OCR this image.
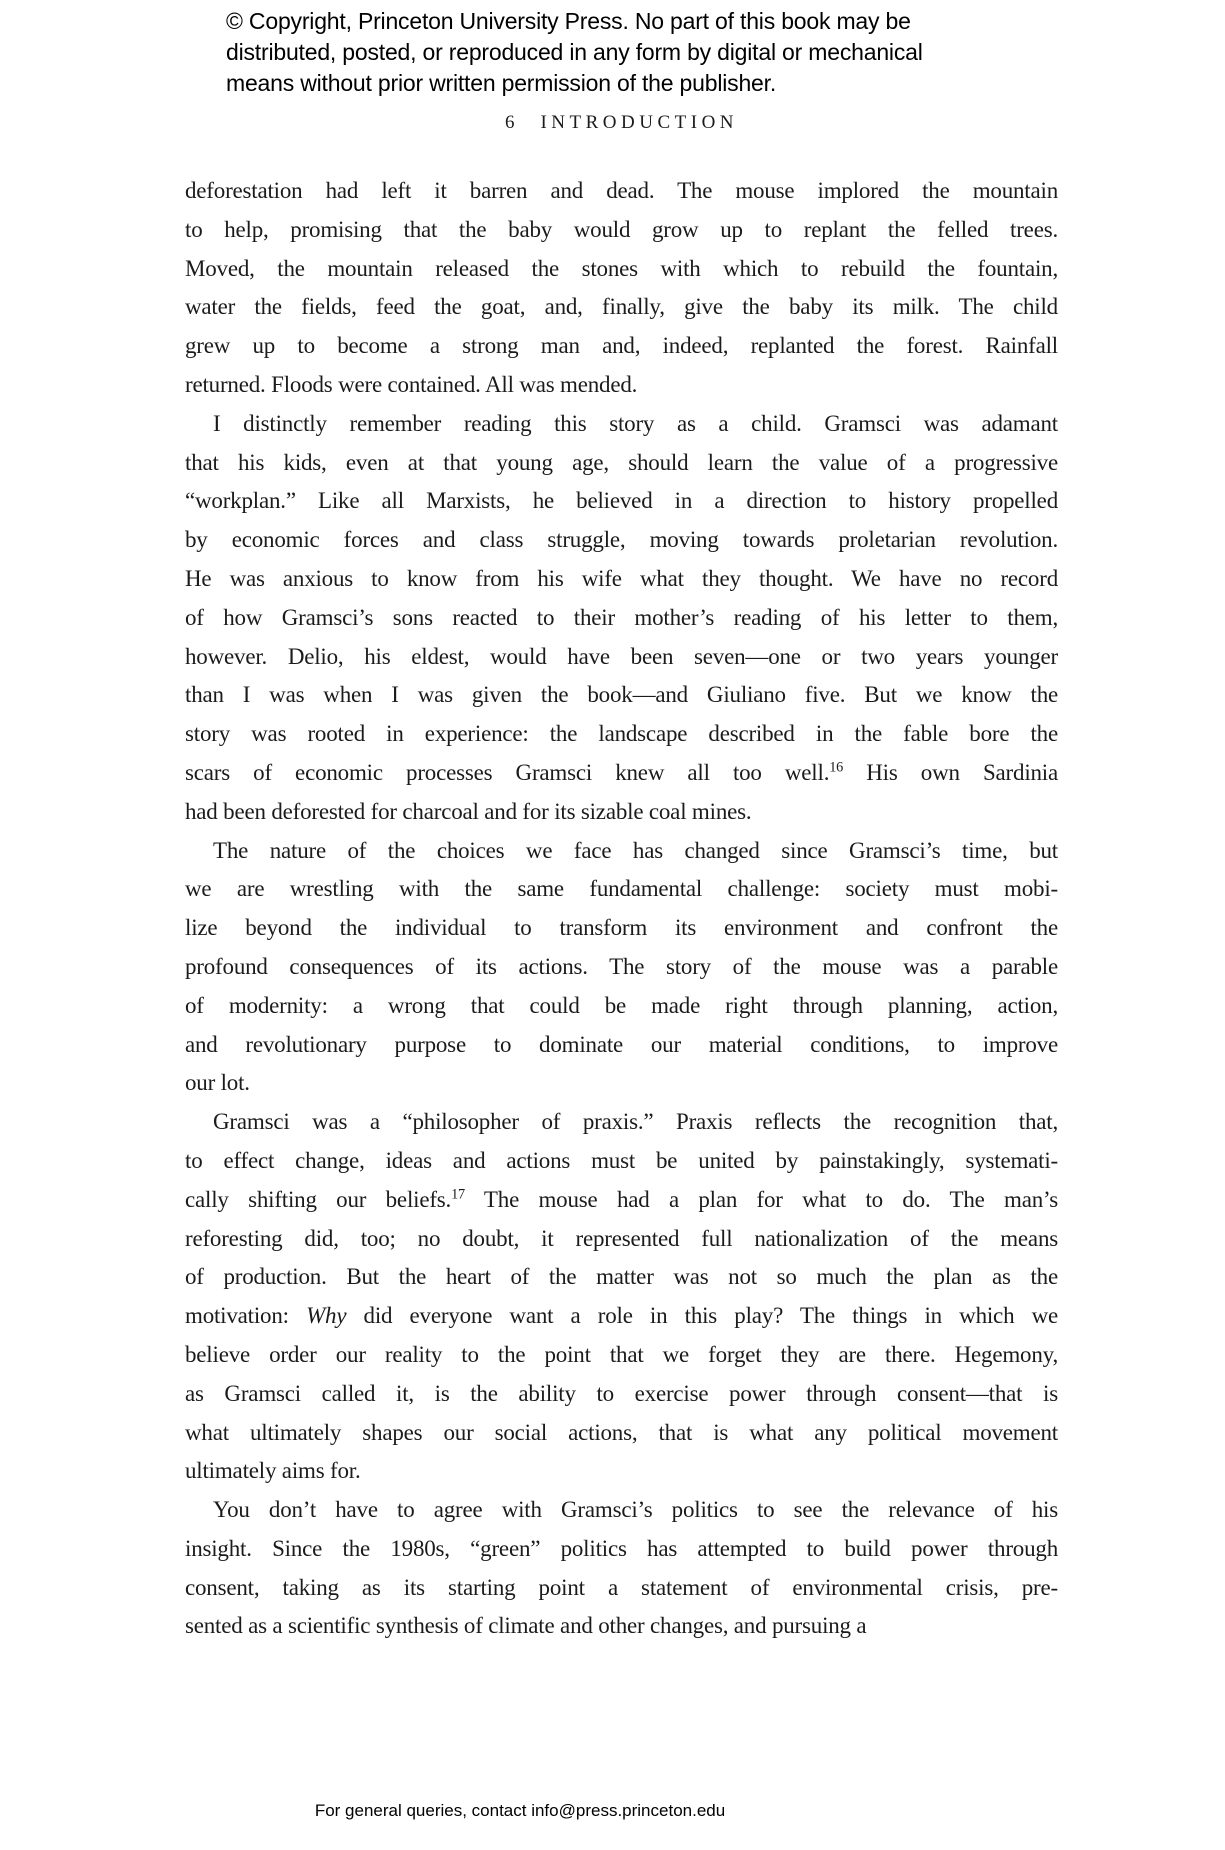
© Copyright, Princeton University Press. No part of this book may be
distributed, posted, or reproduced in any form by digital or mechanical
means without prior written permission of the publisher.
6 INTRODUCTION
deforestation had left it barren and dead. The mouse implored the mountain
to help, promising that the baby would grow up to replant the felled trees.
Moved, the mountain released the stones with which to rebuild the fountain,
water the fields, feed the goat, and, finally, give the baby its milk. The child
grew up to become a strong man and, indeed, replanted the forest. Rainfall
returned. Floods were contained. All was mended.
I distinctly remember reading this story as a child. Gramsci was adamant
that his kids, even at that young age, should learn the value of a progressive
“workplan.” Like all Marxists, he believed in a direction to history propelled
by economic forces and class struggle, moving towards proletarian revolution.
He was anxious to know from his wife what they thought. We have no record
of how Gramsci’s sons reacted to their mother’s reading of his letter to them,
however. Delio, his eldest, would have been seven—one or two years younger
than I was when I was given the book—and Giuliano five. But we know the
story was rooted in experience: the landscape described in the fable bore the
scars of economic processes Gramsci knew all too well.$^{16}$ His own Sardinia
had been deforested for charcoal and for its sizable coal mines.
The nature of the choices we face has changed since Gramsci’s time, but
we are wrestling with the same fundamental challenge: society must mobi-
lize beyond the individual to transform its environment and confront the
profound consequences of its actions. The story of the mouse was a parable
of modernity: a wrong that could be made right through planning, action,
and revolutionary purpose to dominate our material conditions, to improve
our lot.
Gramsci was a “philosopher of praxis.” Praxis reflects the recognition that,
to effect change, ideas and actions must be united by painstakingly, systemati-
cally shifting our beliefs.$^{17}$ The mouse had a plan for what to do. The man’s
reforesting did, too; no doubt, it represented full nationalization of the means
of production. But the heart of the matter was not so much the plan as the
motivation: Why did everyone want a role in this play? The things in which we
believe order our reality to the point that we forget they are there. Hegemony,
as Gramsci called it, is the ability to exercise power through consent—that is
what ultimately shapes our social actions, that is what any political movement
ultimately aims for.
You don’t have to agree with Gramsci’s politics to see the relevance of his
insight. Since the 1980s, “green” politics has attempted to build power through
consent, taking as its starting point a statement of environmental crisis, pre-
sented as a scientific synthesis of climate and other changes, and pursuing a
For general queries, contact info@press.princeton.edu
